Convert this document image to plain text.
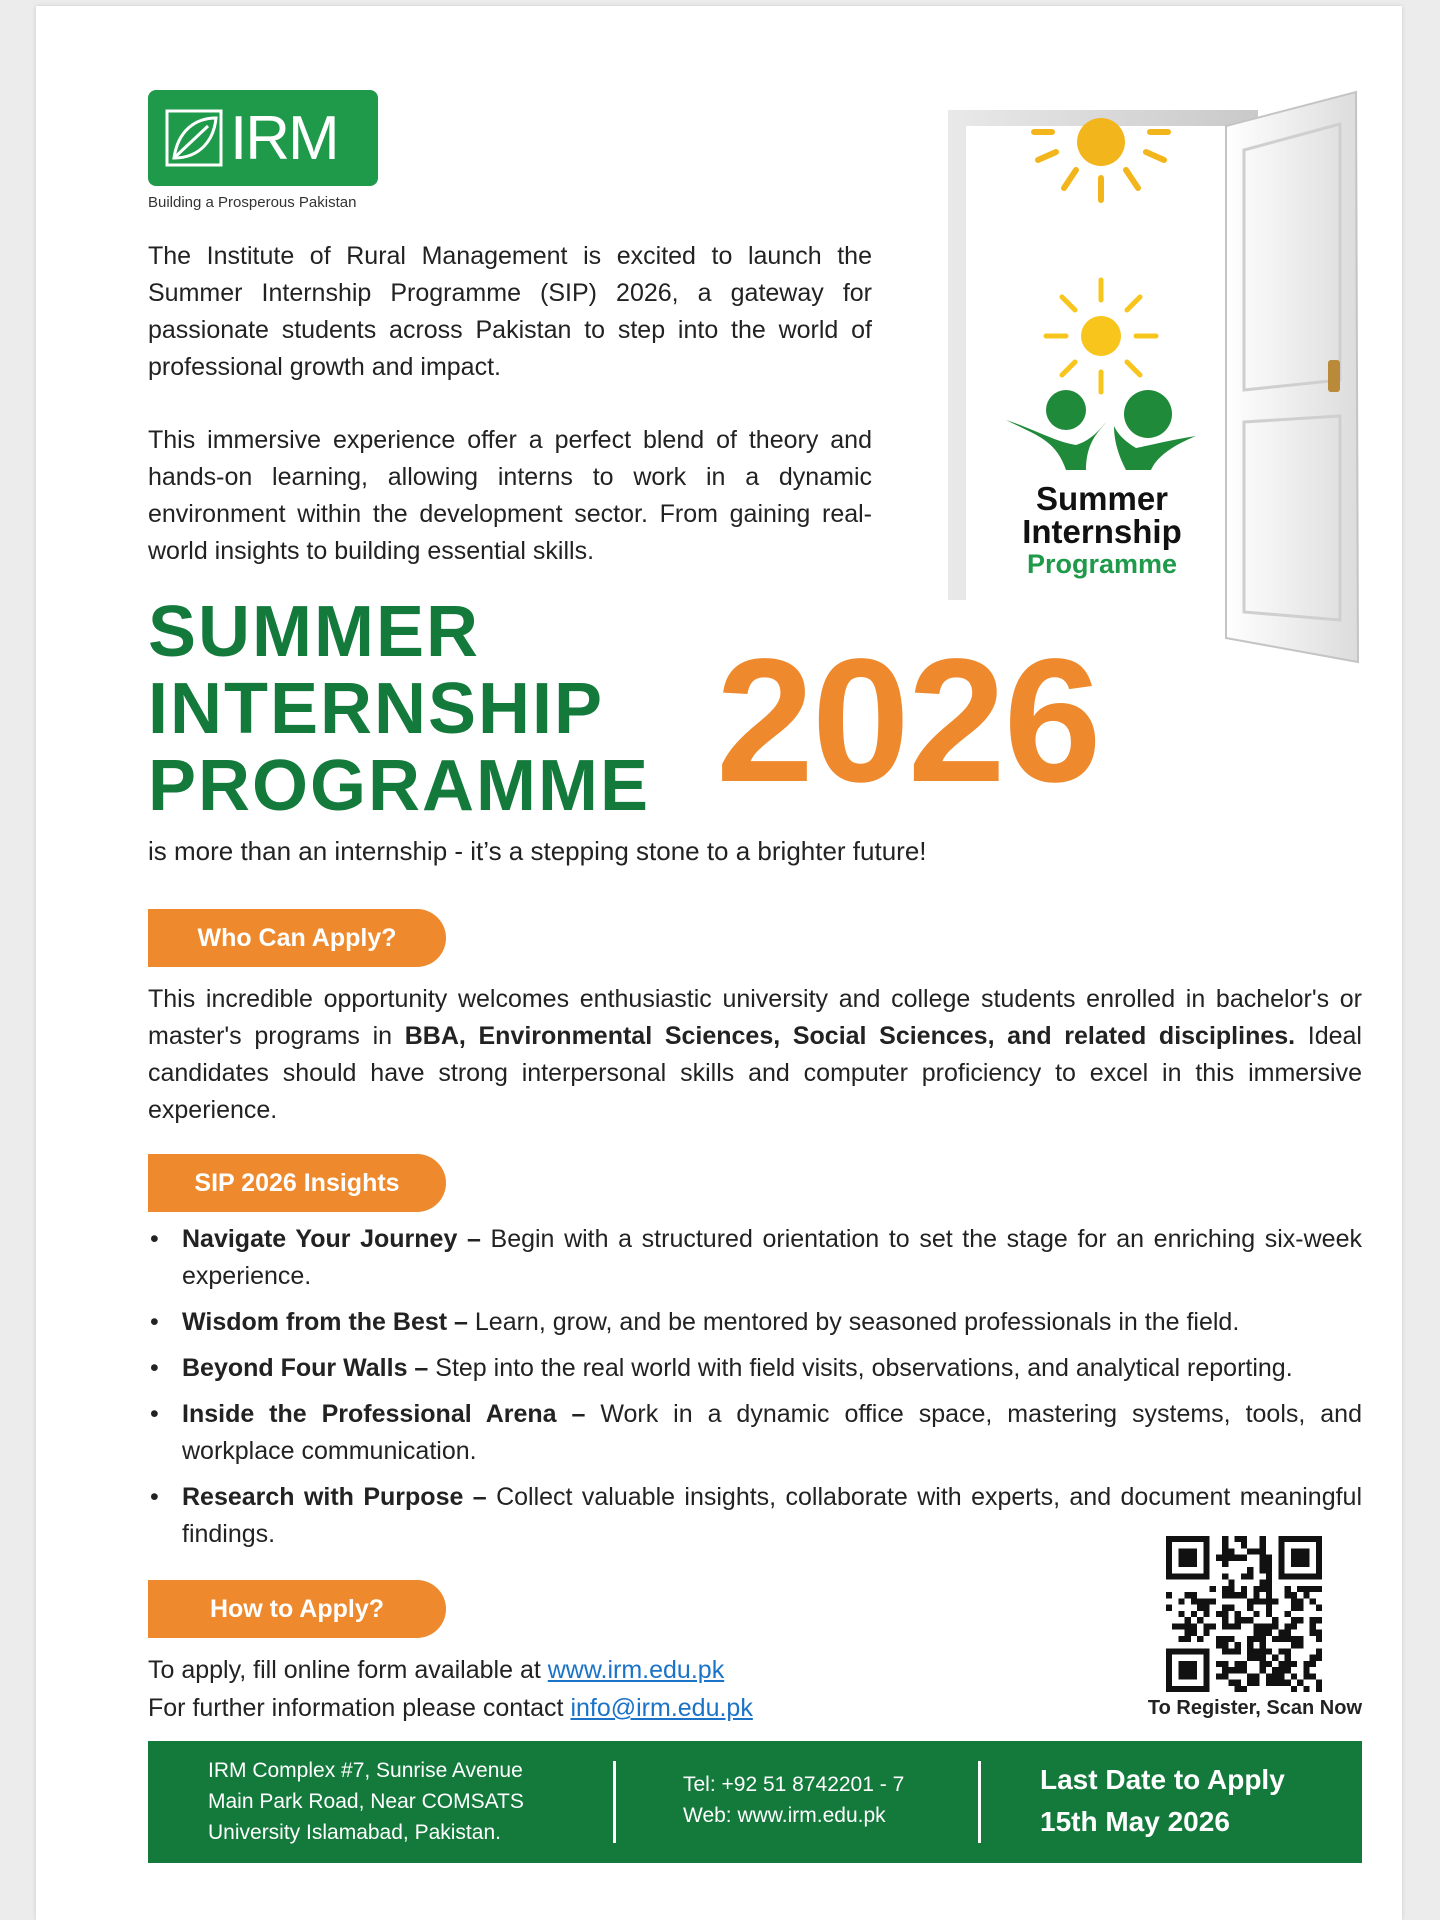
IRM
Building a Prosperous Pakistan

The Institute of Rural Management is excited to launch the Summer Internship Programme (SIP) 2026, a gateway for passionate students across Pakistan to step into the world of professional growth and impact.

This immersive experience offer a perfect blend of theory and hands-on learning, allowing interns to work in a dynamic environment within the development sector. From gaining real-world insights to building essential skills.

Summer
Internship
Programme
SUMMER
INTERNSHIP
PROGRAMME 2026
is more than an internship - it’s a stepping stone to a brighter future!
Who Can Apply?

This incredible opportunity welcomes enthusiastic university and college students enrolled in bachelor's or master's programs in BBA, Environmental Sciences, Social Sciences, and related disciplines. Ideal candidates should have strong interpersonal skills and computer proficiency to excel in this immersive experience.

SIP 2026 Insights
• Navigate Your Journey – Begin with a structured orientation to set the stage for an enriching six-week experience.
• Wisdom from the Best – Learn, grow, and be mentored by seasoned professionals in the field.
• Beyond Four Walls – Step into the real world with field visits, observations, and analytical reporting.
• Inside the Professional Arena – Work in a dynamic office space, mastering systems, tools, and workplace communication.
• Research with Purpose – Collect valuable insights, collaborate with experts, and document meaningful findings.
How to Apply?
To apply, fill online form available at www.irm.edu.pk
For further information please contact info@irm.edu.pk	To Register, Scan Now
IRM Complex #7, Sunrise Avenue
Main Park Road, Near COMSATS
University Islamabad, Pakistan.
Tel: +92 51 8742201 - 7
Web: www.irm.edu.pk
Last Date to Apply
15th May 2026
